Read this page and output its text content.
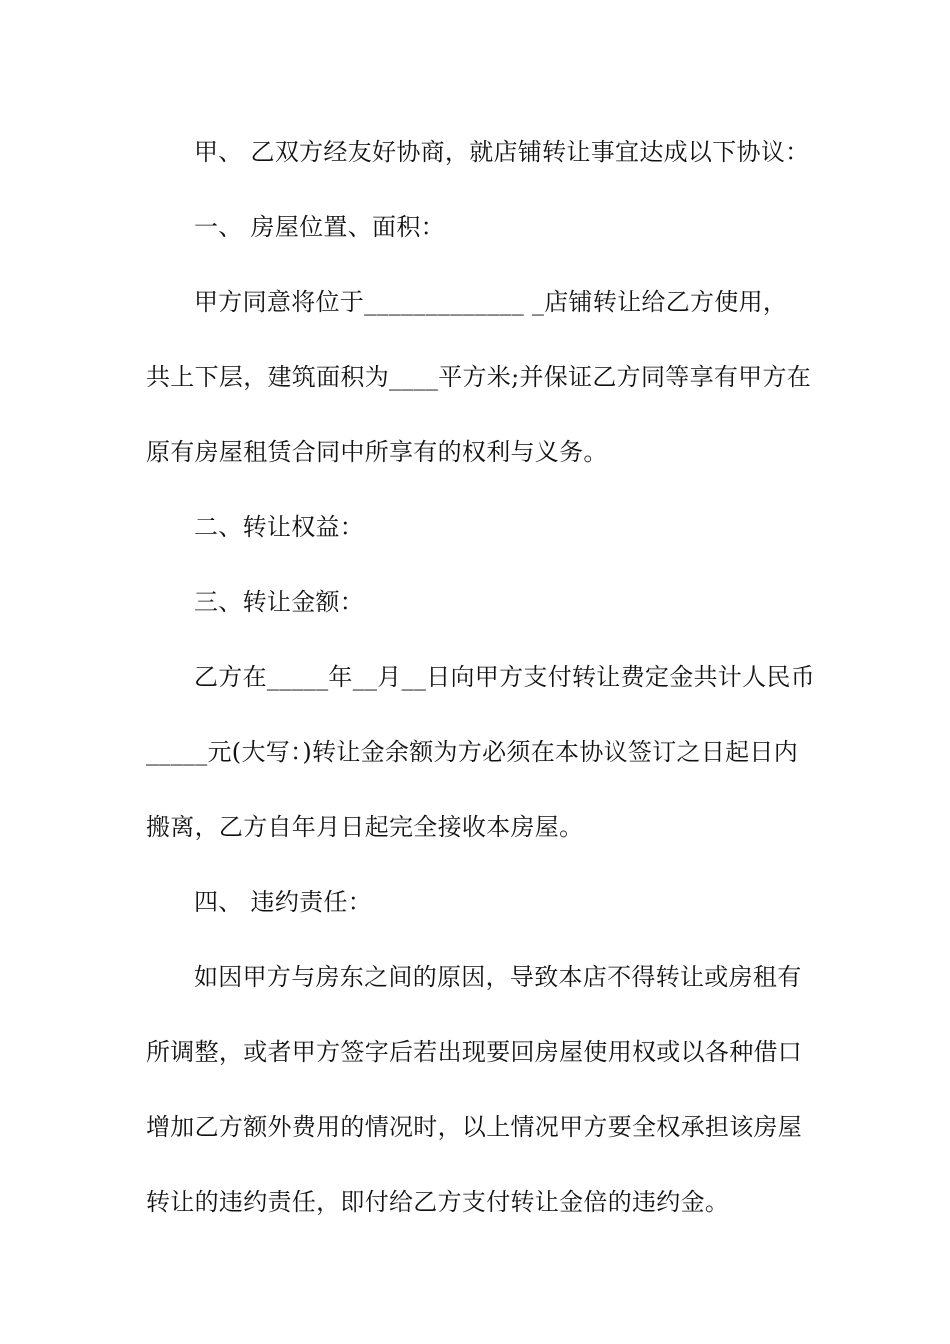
甲、 乙双方经友好协商，就店铺转让事宜达成以下协议：
一、 房屋位置、面积：
甲方同意将位于_____________ _店铺转让给乙方使用，
共上下层，建筑面积为____平方米;并保证乙方同等享有甲方在
原有房屋租赁合同中所享有的权利与义务。
二、转让权益：
三、转让金额：
乙方在_____年__月__日向甲方支付转让费定金共计人民币
_____元(大写：)转让金余额为方必须在本协议签订之日起日内
搬离，乙方自年月日起完全接收本房屋。
四、 违约责任：
如因甲方与房东之间的原因，导致本店不得转让或房租有
所调整，或者甲方签字后若出现要回房屋使用权或以各种借口
增加乙方额外费用的情况时，以上情况甲方要全权承担该房屋
转让的违约责任，即付给乙方支付转让金倍的违约金。
